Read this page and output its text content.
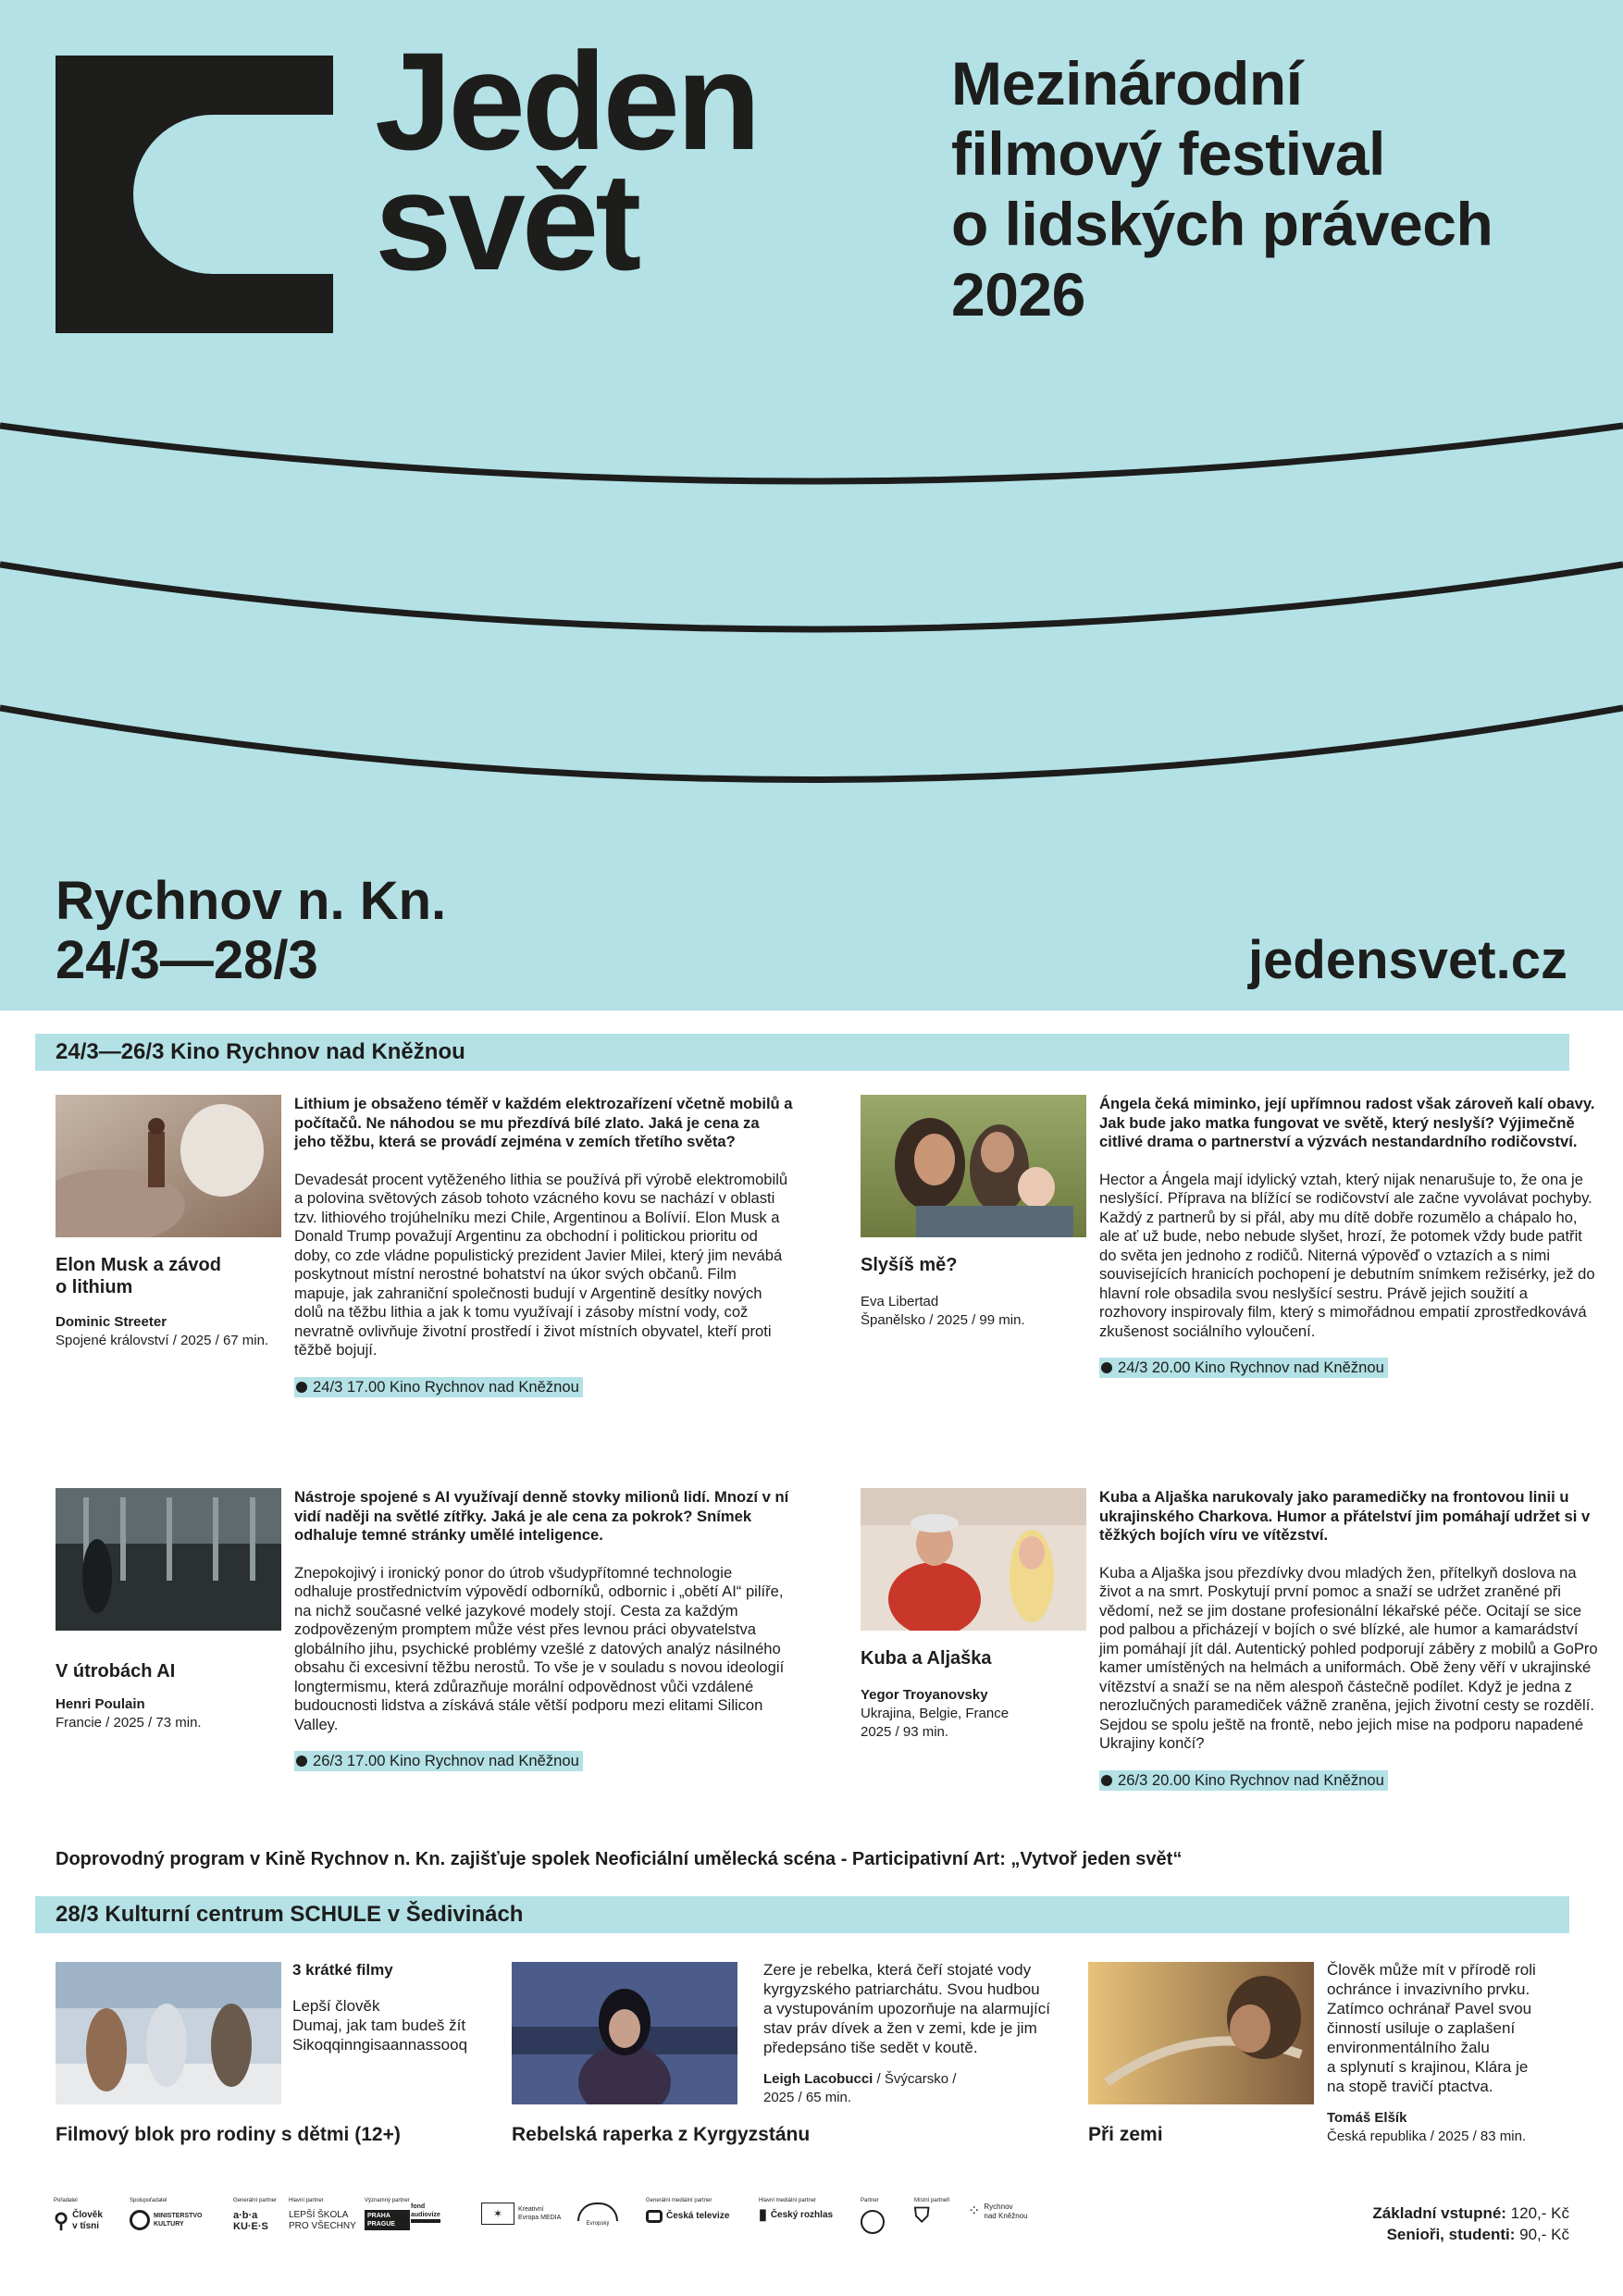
Jeden
svět
Mezinárodní
filmový festival
o lidských právech
2026
Rychnov n. Kn.
24/3—28/3	jedensvet.cz
24/3—26/3 Kino Rychnov nad Kněžnou
Elon Musk a závod
o lithium
Dominic Streeter
Spojené království / 2025 / 67 min.
Lithium je obsaženo téměř v každém elektrozařízení včetně mobilů a počítačů. Ne náhodou se mu přezdívá bílé zlato. Jaká je cena za jeho těžbu, která se provádí zejména v zemích třetího světa?
Devadesát procent vytěženého lithia se používá při výrobě elektromobilů a polovina světových zásob tohoto vzácného kovu se nachází v oblasti tzv. lithiového trojúhelníku mezi Chile, Argentinou a Bolívií. Elon Musk a Donald Trump považují Argentinu za obchodní i politickou prioritu od doby, co zde vládne populistický prezident Javier Milei, který jim nevábá poskytnout místní nerostné bohatství na úkor svých občanů. Film mapuje, jak zahraniční společnosti budují v Argentině desítky nových dolů na těžbu lithia a jak k tomu využívají i zásoby místní vody, což nevratně ovlivňuje životní prostředí i život místních obyvatel, kteří proti těžbě bojují.
24/3 17.00 Kino Rychnov nad Kněžnou
Slyšíš mě?
Eva Libertad
Španělsko / 2025 / 99 min.
Ángela čeká miminko, její upřímnou radost však zároveň kalí obavy. Jak bude jako matka fungovat ve světě, který neslyší? Výjimečně citlivé drama o partnerství a výzvách nestandardního rodičovství.
Hector a Ángela mají idylický vztah, který nijak nenarušuje to, že ona je neslyšící. Příprava na blížící se rodičovství ale začne vyvolávat pochyby. Každý z partnerů by si přál, aby mu dítě dobře rozumělo a chápalo ho, ale ať už bude, nebo nebude slyšet, hrozí, že potomek vždy bude patřit do světa jen jednoho z rodičů. Niterná výpověď o vztazích a s nimi souvisejících hranicích pochopení je debutním snímkem režisérky, jež do hlavní role obsadila svou neslyšící sestru. Právě jejich soužití a rozhovory inspirovaly film, který s mimořádnou empatií zprostředkovává zkušenost sociálního vyloučení.
24/3 20.00 Kino Rychnov nad Kněžnou
V útrobách AI
Henri Poulain
Francie / 2025 / 73 min.
Nástroje spojené s AI využívají denně stovky milionů lidí. Mnozí v ní vidí naději na světlé zítřky. Jaká je ale cena za pokrok? Snímek odhaluje temné stránky umělé inteligence.
Znepokojivý i ironický ponor do útrob všudypřítomné technologie odhaluje prostřednictvím výpovědí odborníků, odbornic i „obětí AI“ pilíře, na nichž současné velké jazykové modely stojí. Cesta za každým zodpovězeným promptem může vést přes levnou práci obyvatelstva globálního jihu, psychické problémy vzešlé z datových analýz násilného obsahu či excesivní těžbu nerostů. To vše je v souladu s novou ideologií longtermismu, která zdůrazňuje morální odpovědnost vůči vzdálené budoucnosti lidstva a získává stále větší podporu mezi elitami Silicon Valley.
26/3 17.00 Kino Rychnov nad Kněžnou
Kuba a Aljaška
Yegor Troyanovsky
Ukrajina, Belgie, France
2025 / 93 min.
Kuba a Aljaška narukovaly jako paramedičky na frontovou linii u ukrajinského Charkova. Humor a přátelství jim pomáhají udržet si v těžkých bojích víru ve vítězství.
Kuba a Aljaška jsou přezdívky dvou mladých žen, přítelkyň doslova na život a na smrt. Poskytují první pomoc a snaží se udržet zraněné při vědomí, než se jim dostane profesionální lékařské péče. Ocitají se sice pod palbou a přicházejí v bojích o své blízké, ale humor a kamarádství jim pomáhají jít dál. Autentický pohled podporují záběry z mobilů a GoPro kamer umístěných na helmách a uniformách. Obě ženy věří v ukrajinské vítězství a snaží se na něm alespoň částečně podílet. Když je jedna z nerozlučných paramediček vážně zraněna, jejich životní cesty se rozdělí. Sejdou se spolu ještě na frontě, nebo jejich mise na podporu napadené Ukrajiny končí?
26/3 20.00 Kino Rychnov nad Kněžnou
Doprovodný program v Kině Rychnov n. Kn. zajišťuje spolek Neoficiální umělecká scéna - Participativní Art: „Vytvoř jeden svět“
28/3 Kulturní centrum SCHULE v Šedivinách
3 krátké filmy
Lepší člověk
Dumaj, jak tam budeš žít
Sikoqqinngisaannassooq
Filmový blok pro rodiny s dětmi (12+)
Zere je rebelka, která čeří stojaté vody
kyrgyzského patriarchátu. Svou hudbou
a vystupováním upozorňuje na alarmující
stav práv dívek a žen v zemi, kde je jim
předepsáno tiše sedět v koutě.
Leigh Lacobucci / Švýcarsko /
2025 / 65 min.
Rebelská raperka z Kyrgyzstánu
Člověk může mít v přírodě roli
ochránce i invazivního prvku.
Zatímco ochránař Pavel svou
činností usiluje o zaplašení
environmentálního žalu
a splynutí s krajinou, Klára je
na stopě travičí ptactva.
Tomáš Elšík
Česká republika / 2025 / 83 min.
Při zemi
Pořadatel
⚲ Člověk
v tísni
Spolupořadatel
MINISTERSTVO
KULTURY
Generální partner
a·b·a
KU·E·S
Hlavní partner
LEPŠÍ ŠKOLA
PRO VŠECHNY
Významný partner
PRAHA
PRAGUE
fond
audiovize	✶	Kreativní
Evropa MEDIA
Evropský
Generální mediální partner
Česká televize
Hlavní mediální partner
▮ Český rozhlas
Partner	Místní partneři
⛉	⁘ Rychnov
nad Kněžnou	Základní vstupné: 120,- Kč
Senioři, studenti: 90,- Kč
